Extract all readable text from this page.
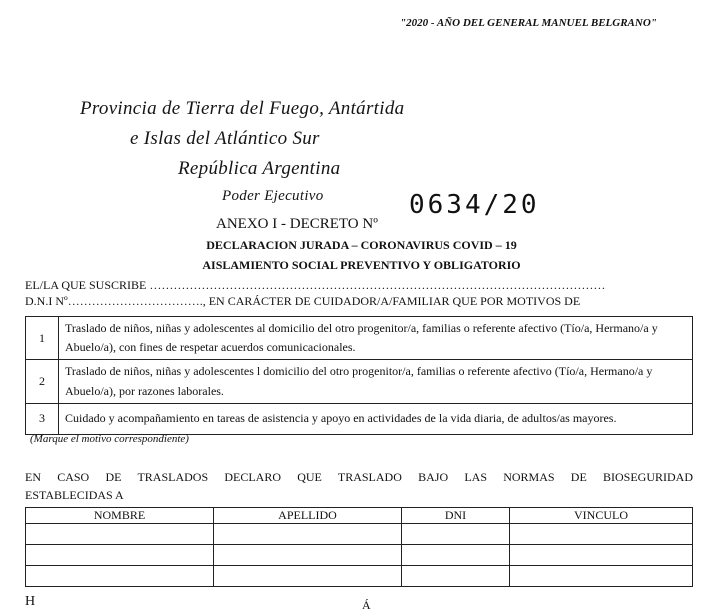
"2020 - AÑO DEL GENERAL MANUEL BELGRANO"
Provincia de Tierra del Fuego, Antártida
e Islas del Atlántico Sur
República Argentina
Poder Ejecutivo
ANEXO I - DECRETO Nº
0634/20
DECLARACION JURADA – CORONAVIRUS COVID – 19
AISLAMIENTO SOCIAL PREVENTIVO Y OBLIGATORIO
EL/LA QUE SUSCRIBE ……………………………………………………………………………………………………
D.N.I Nº……………………………., EN CARÁCTER DE CUIDADOR/A/FAMILIAR QUE POR MOTIVOS DE
1	Traslado de niños, niñas y adolescentes al domicilio del otro progenitor/a, familias o referente afectivo (Tío/a, Hermano/a y Abuelo/a), con fines de respetar acuerdos comunicacionales.
2	Traslado de niños, niñas y adolescentes l domicilio del otro progenitor/a, familias o referente afectivo (Tío/a, Hermano/a y Abuelo/a), por razones laborales.
3	Cuidado y acompañamiento en tareas de asistencia y apoyo en actividades de la vida diaria, de adultos/as mayores.
(Marque el motivo correspondiente)
EN CASO DE TRASLADOS DECLARO QUE TRASLADO BAJO LAS NORMAS DE BIOSEGURIDAD
ESTABLECIDAS A
NOMBRE	APELLIDO	DNI	VINCULO

H	Á
